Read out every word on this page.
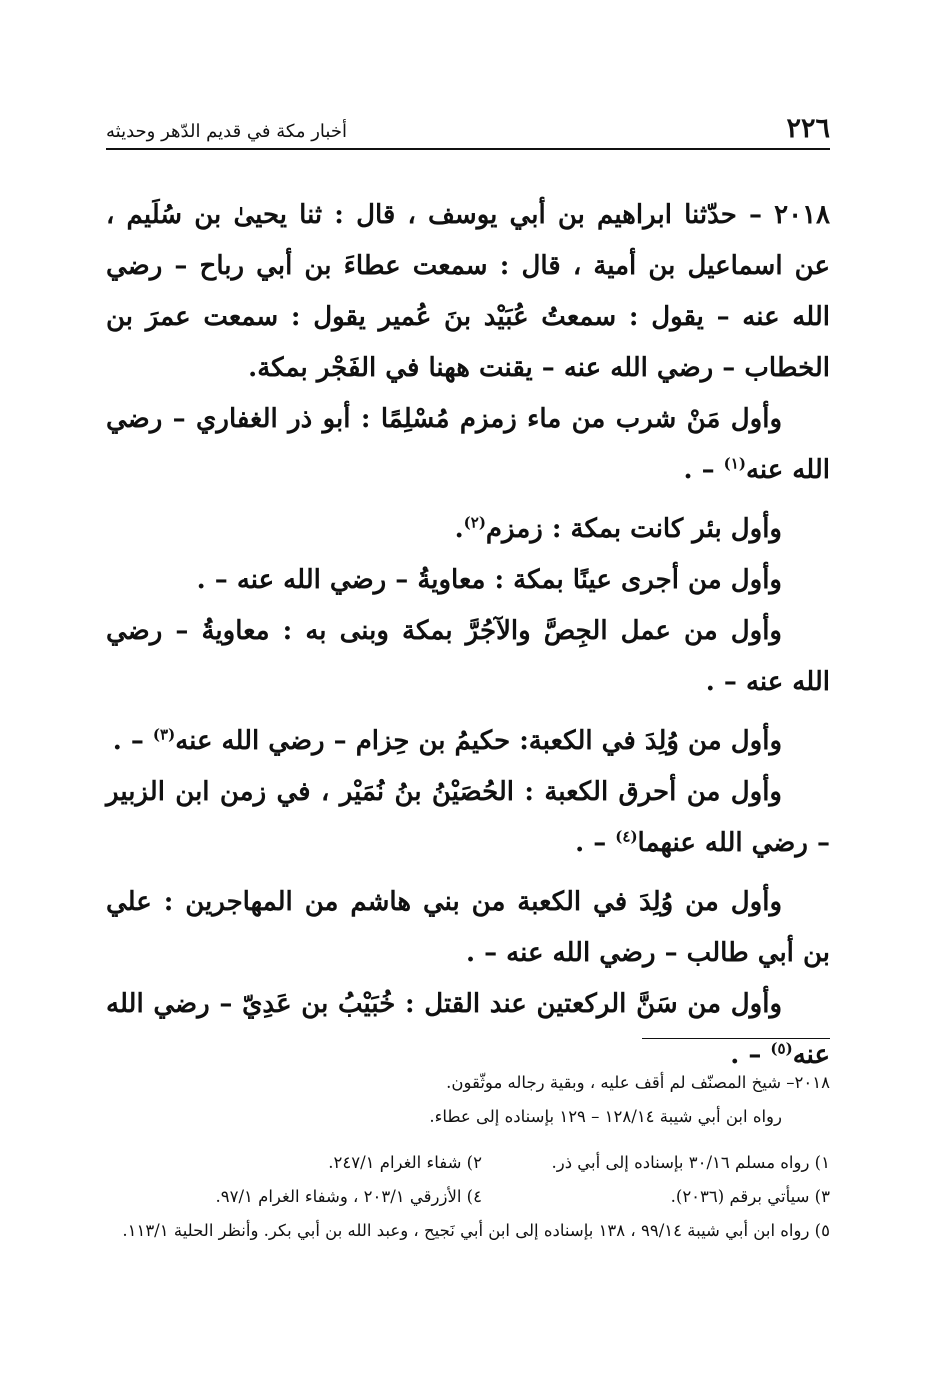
٢٢٦
أخبار مكة في قديم الدّهر وحديثه

٢٠١٨ – حدّثنا ابراهيم بن أبي يوسف ، قال : ثنا يحيىٰ بن سُلَيم ، عن اسماعيل بن أمية ، قال : سمعت عطاءَ بن أبي رباح – رضي الله عنه – يقول : سمعتُ عُبَيْد بنَ عُمير يقول : سمعت عمرَ بن الخطاب – رضي الله عنه – يقنت ههنا في الفَجْر بمكة.

وأول مَنْ شرب من ماء زمزم مُسْلِمًا : أبو ذر الغفاري – رضي الله عنه$^{(١)}$ – .

وأول بئر كانت بمكة : زمزم$^{(٢)}$.

وأول من أجرى عينًا بمكة : معاويةُ – رضي الله عنه – .

وأول من عمل الجِصَّ والآجُرَّ بمكة وبنى به : معاويةُ – رضي الله عنه – .

وأول من وُلِدَ في الكعبة: حكيمُ بن حِزام – رضي الله عنه$^{(٣)}$ – .

وأول من أحرق الكعبة : الحُصَيْنُ بنُ نُمَيْر ، في زمن ابن الزبير – رضي الله عنهما$^{(٤)}$ – .

وأول من وُلِدَ في الكعبة من بني هاشم من المهاجرين : علي بن أبي طالب – رضي الله عنه – .

وأول من سَنَّ الركعتين عند القتل : خُبَيْبُ بن عَدِيّ – رضي الله عنه$^{(٥)}$ – .

٢٠١٨– شيخ المصنّف لم أقف عليه ، وبقية رجاله موثّقون.

رواه ابن أبي شيبة ١٢٨/١٤ – ١٢٩ بإسناده إلى عطاء.

١) رواه مسلم ٣٠/١٦ بإسناده إلى أبي ذر.
٢) شفاء الغرام ٢٤٧/١.
٣) سيأتي برقم (٢٠٣٦).
٤) الأزرقي ٢٠٣/١ ، وشفاء الغرام ٩٧/١.

٥) رواه ابن أبي شيبة ٩٩/١٤ ، ١٣٨ بإسناده إلى ابن أبي نَجيح ، وعبد الله بن أبي بكر. وأنظر الحلية ١١٣/١.
